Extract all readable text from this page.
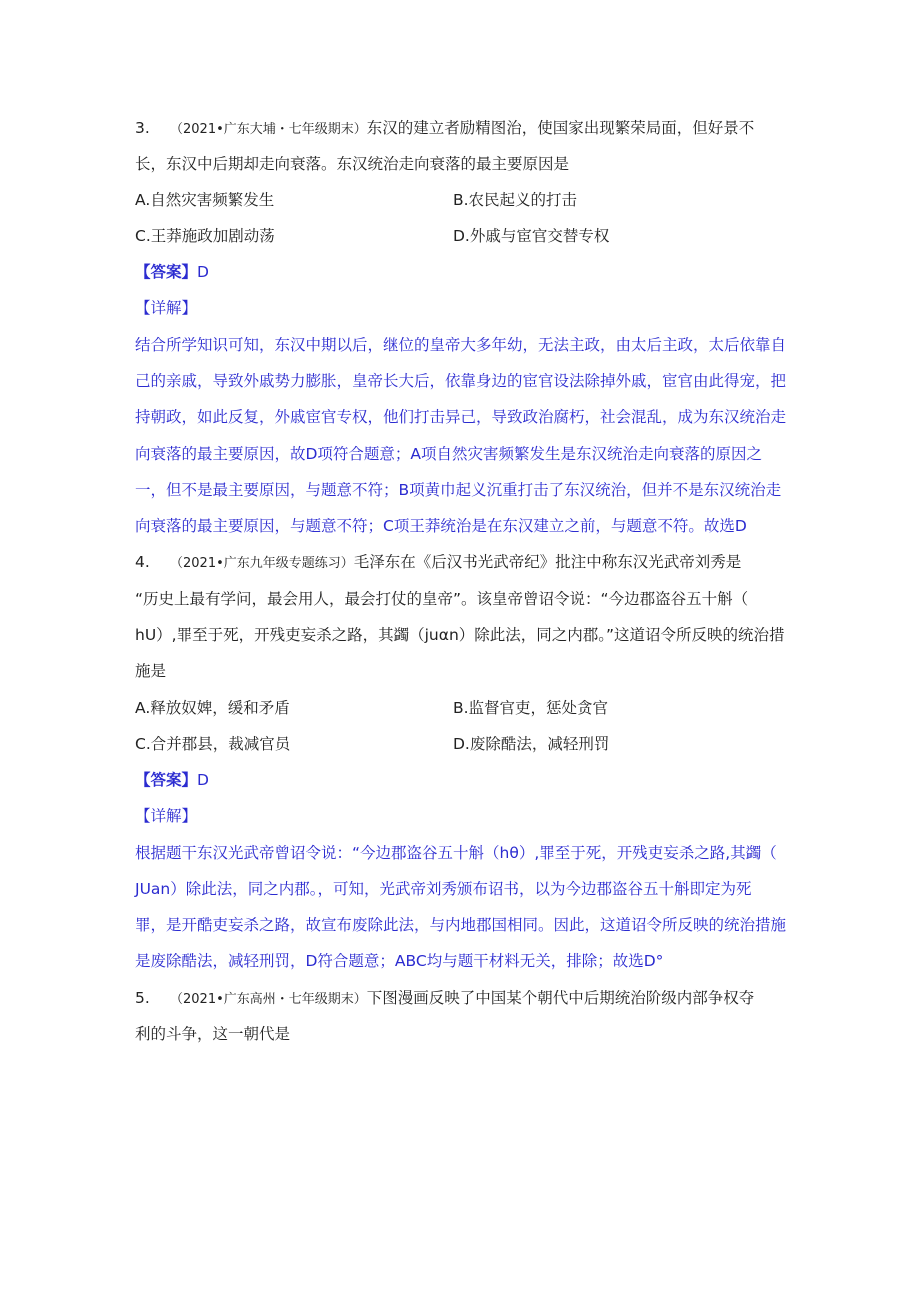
3. （2021•广东大埔・七年级期末）东汉的建立者励精图治，使国家出现繁荣局面，但好景不
长，东汉中后期却走向衰落。东汉统治走向衰落的最主要原因是
A.自然灾害频繁发生	B.农民起义的打击
C.王莽施政加剧动荡	D.外戚与宦官交替专权
【答案】D
【详解】
结合所学知识可知，东汉中期以后，继位的皇帝大多年幼，无法主政，由太后主政，太后依靠自
己的亲戚，导致外戚势力膨胀，皇帝长大后，依靠身边的宦官设法除掉外戚，宦官由此得宠，把
持朝政，如此反复，外戚宦官专权，他们打击异己，导致政治腐朽，社会混乱，成为东汉统治走
向衰落的最主要原因，故D项符合题意；A项自然灾害频繁发生是东汉统治走向衰落的原因之
一，但不是最主要原因，与题意不符；B项黄巾起义沉重打击了东汉统治，但并不是东汉统治走
向衰落的最主要原因，与题意不符；C项王莽统治是在东汉建立之前，与题意不符。故选D
4. （2021•广东九年级专题练习）毛泽东在《后汉书光武帝纪》批注中称东汉光武帝刘秀是
“历史上最有学问，最会用人，最会打仗的皇帝”。该皇帝曾诏令说：“今边郡盗谷五十斛（
hU）,罪至于死，开残吏妄杀之路，其蠲（juαn）除此法，同之内郡。”这道诏令所反映的统治措
施是
A.释放奴婢，缓和矛盾	B.监督官吏，惩处贪官
C.合并郡县，裁减官员	D.废除酷法，减轻刑罚
【答案】D
【详解】
根据题干东汉光武帝曾诏令说：“今边郡盗谷五十斛（hθ）,罪至于死，开残吏妄杀之路,其蠲（
JUan）除此法，同之内郡。，可知，光武帝刘秀颁布诏书，以为今边郡盗谷五十斛即定为死
罪，是开酷吏妄杀之路，故宣布废除此法，与内地郡国相同。因此，这道诏令所反映的统治措施
是废除酷法，减轻刑罚，D符合题意；ABC均与题干材料无关，排除；故选D°
5. （2021•广东高州・七年级期末）下图漫画反映了中国某个朝代中后期统治阶级内部争权夺
利的斗争，这一朝代是
